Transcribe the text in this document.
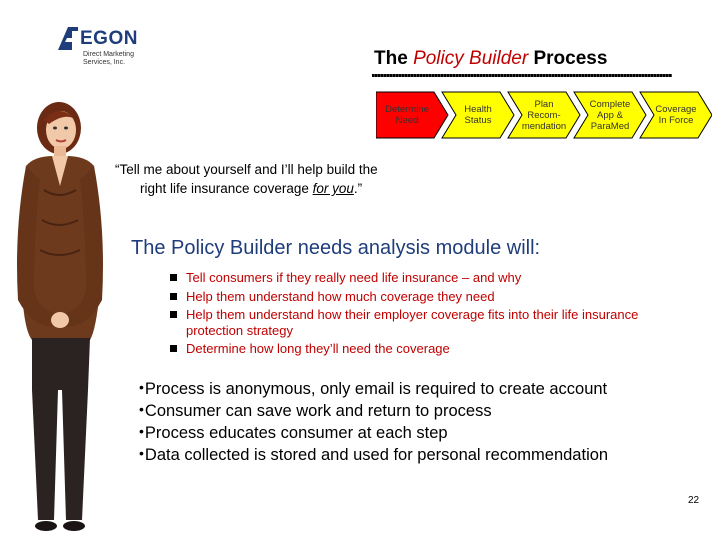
EGON
Direct Marketing Services, Inc.	The Policy Builder Process
Determine
Need
Health
Status
Plan
Recom-
mendation
Complete
App &
ParaMed
Coverage
In Force
“Tell me about yourself and I’ll help build the
right life insurance coverage for you.”
The Policy Builder needs analysis module will:
Tell consumers if they really need life insurance – and why
Help them understand how much coverage they need
Help them understand how their employer coverage fits into their life insurance protection strategy
Determine how long they’ll need the coverage
•Process is anonymous, only email is required to create account
•Consumer can save work and return to process
•Process educates consumer at each step
•Data collected is stored and used for personal recommendation
22
